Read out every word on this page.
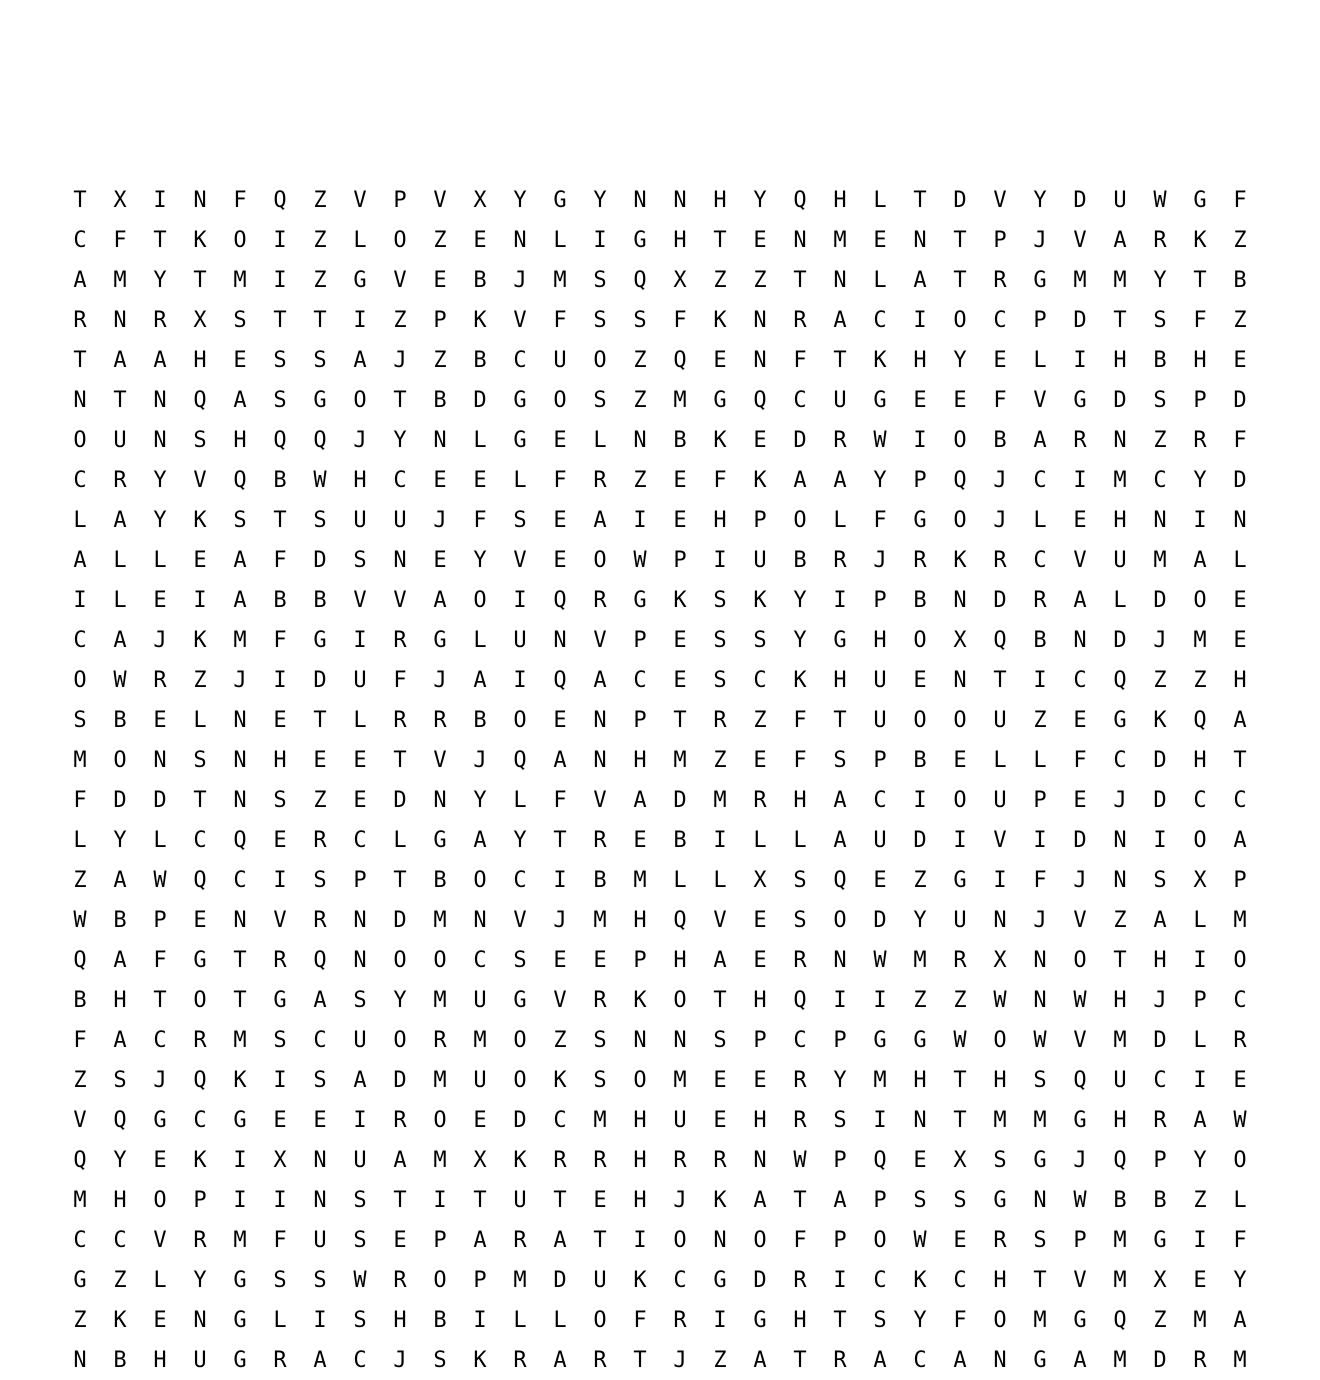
T	X	I	N	F	Q	Z	V	P	V	X	Y	G	Y	N	N	H	Y	Q	H	L	T	D	V	Y	D	U	W	G	F
C	F	T	K	O	I	Z	L	O	Z	E	N	L	I	G	H	T	E	N	M	E	N	T	P	J	V	A	R	K	Z
A	M	Y	T	M	I	Z	G	V	E	B	J	M	S	Q	X	Z	Z	T	N	L	A	T	R	G	M	M	Y	T	B
R	N	R	X	S	T	T	I	Z	P	K	V	F	S	S	F	K	N	R	A	C	I	O	C	P	D	T	S	F	Z
T	A	A	H	E	S	S	A	J	Z	B	C	U	O	Z	Q	E	N	F	T	K	H	Y	E	L	I	H	B	H	E
N	T	N	Q	A	S	G	O	T	B	D	G	O	S	Z	M	G	Q	C	U	G	E	E	F	V	G	D	S	P	D
O	U	N	S	H	Q	Q	J	Y	N	L	G	E	L	N	B	K	E	D	R	W	I	O	B	A	R	N	Z	R	F
C	R	Y	V	Q	B	W	H	C	E	E	L	F	R	Z	E	F	K	A	A	Y	P	Q	J	C	I	M	C	Y	D
L	A	Y	K	S	T	S	U	U	J	F	S	E	A	I	E	H	P	O	L	F	G	O	J	L	E	H	N	I	N
A	L	L	E	A	F	D	S	N	E	Y	V	E	O	W	P	I	U	B	R	J	R	K	R	C	V	U	M	A	L
I	L	E	I	A	B	B	V	V	A	O	I	Q	R	G	K	S	K	Y	I	P	B	N	D	R	A	L	D	O	E
C	A	J	K	M	F	G	I	R	G	L	U	N	V	P	E	S	S	Y	G	H	O	X	Q	B	N	D	J	M	E
O	W	R	Z	J	I	D	U	F	J	A	I	Q	A	C	E	S	C	K	H	U	E	N	T	I	C	Q	Z	Z	H
S	B	E	L	N	E	T	L	R	R	B	O	E	N	P	T	R	Z	F	T	U	O	O	U	Z	E	G	K	Q	A
M	O	N	S	N	H	E	E	T	V	J	Q	A	N	H	M	Z	E	F	S	P	B	E	L	L	F	C	D	H	T
F	D	D	T	N	S	Z	E	D	N	Y	L	F	V	A	D	M	R	H	A	C	I	O	U	P	E	J	D	C	C
L	Y	L	C	Q	E	R	C	L	G	A	Y	T	R	E	B	I	L	L	A	U	D	I	V	I	D	N	I	O	A
Z	A	W	Q	C	I	S	P	T	B	O	C	I	B	M	L	L	X	S	Q	E	Z	G	I	F	J	N	S	X	P
W	B	P	E	N	V	R	N	D	M	N	V	J	M	H	Q	V	E	S	O	D	Y	U	N	J	V	Z	A	L	M
Q	A	F	G	T	R	Q	N	O	O	C	S	E	E	P	H	A	E	R	N	W	M	R	X	N	O	T	H	I	O
B	H	T	O	T	G	A	S	Y	M	U	G	V	R	K	O	T	H	Q	I	I	Z	Z	W	N	W	H	J	P	C
F	A	C	R	M	S	C	U	O	R	M	O	Z	S	N	N	S	P	C	P	G	G	W	O	W	V	M	D	L	R
Z	S	J	Q	K	I	S	A	D	M	U	O	K	S	O	M	E	E	R	Y	M	H	T	H	S	Q	U	C	I	E
V	Q	G	C	G	E	E	I	R	O	E	D	C	M	H	U	E	H	R	S	I	N	T	M	M	G	H	R	A	W
Q	Y	E	K	I	X	N	U	A	M	X	K	R	R	H	R	R	N	W	P	Q	E	X	S	G	J	Q	P	Y	O
M	H	O	P	I	I	N	S	T	I	T	U	T	E	H	J	K	A	T	A	P	S	S	G	N	W	B	B	Z	L
C	C	V	R	M	F	U	S	E	P	A	R	A	T	I	O	N	O	F	P	O	W	E	R	S	P	M	G	I	F
G	Z	L	Y	G	S	S	W	R	O	P	M	D	U	K	C	G	D	R	I	C	K	C	H	T	V	M	X	E	Y
Z	K	E	N	G	L	I	S	H	B	I	L	L	O	F	R	I	G	H	T	S	Y	F	O	M	G	Q	Z	M	A
N	B	H	U	G	R	A	C	J	S	K	R	A	R	T	J	Z	A	T	R	A	C	A	N	G	A	M	D	R	M
